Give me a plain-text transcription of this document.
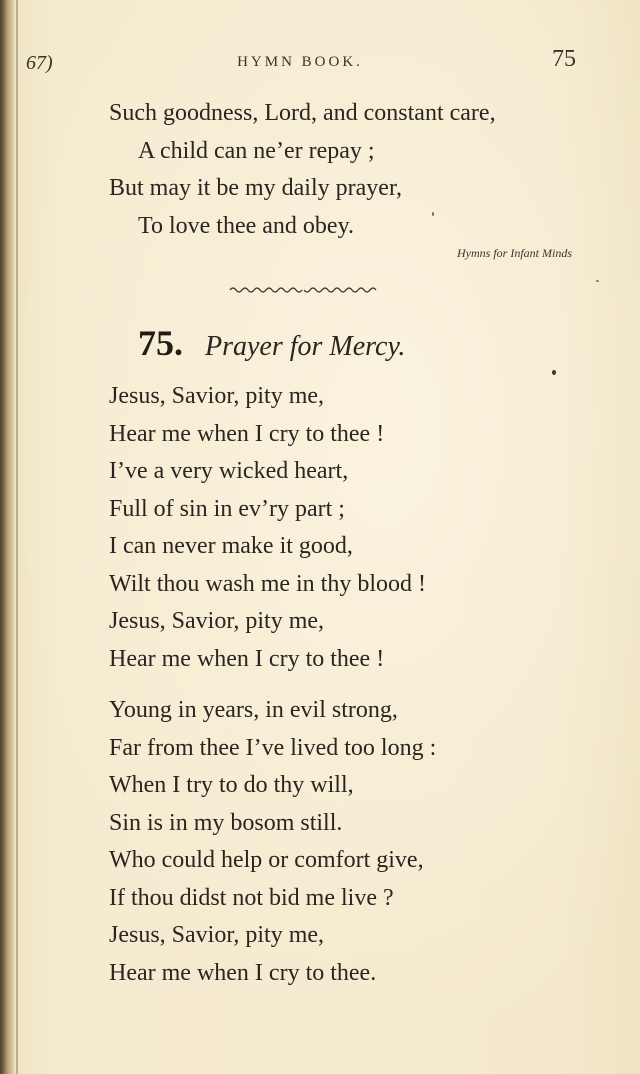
67)	HYMN BOOK.	75
Such goodness, Lord, and constant care,
A child can ne’er repay ;
But may it be my daily prayer,
To love thee and obey.
Hymns for Infant Minds
75. Prayer for Mercy.
Jesus, Savior, pity me,
Hear me when I cry to thee !
I’ve a very wicked heart,
Full of sin in ev’ry part ;
I can never make it good,
Wilt thou wash me in thy blood !
Jesus, Savior, pity me,
Hear me when I cry to thee !
Young in years, in evil strong,
Far from thee I’ve lived too long :
When I try to do thy will,
Sin is in my bosom still.
Who could help or comfort give,
If thou didst not bid me live ?
Jesus, Savior, pity me,
Hear me when I cry to thee.
